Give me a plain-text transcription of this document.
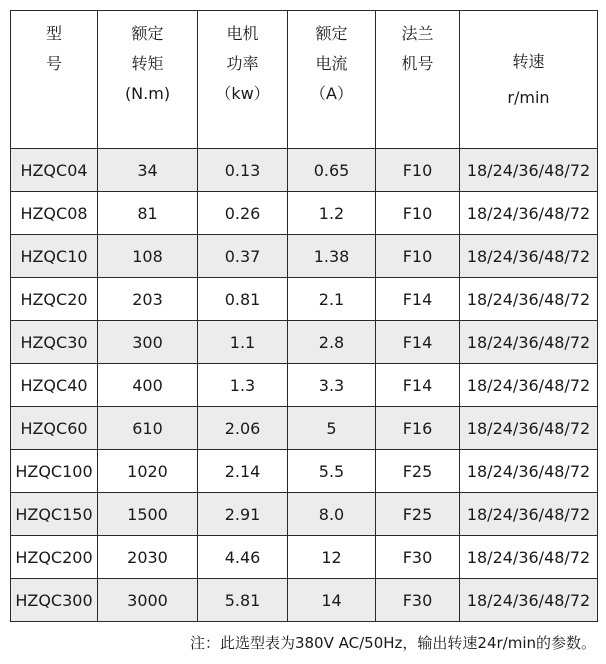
型
号	额定
转矩
(N.m)	电机
功率
（kw）	额定
电流
（A）	法兰
机号	转速
r/min

HZQC04	34	0.13	0.65	F10	18/24/36/48/72
HZQC08	81	0.26	1.2	F10	18/24/36/48/72
HZQC10	108	0.37	1.38	F10	18/24/36/48/72
HZQC20	203	0.81	2.1	F14	18/24/36/48/72
HZQC30	300	1.1	2.8	F14	18/24/36/48/72
HZQC40	400	1.3	3.3	F14	18/24/36/48/72
HZQC60	610	2.06	5	F16	18/24/36/48/72
HZQC100	1020	2.14	5.5	F25	18/24/36/48/72
HZQC150	1500	2.91	8.0	F25	18/24/36/48/72
HZQC200	2030	4.46	12	F30	18/24/36/48/72
HZQC300	3000	5.81	14	F30	18/24/36/48/72
注：此选型表为380V AC/50Hz，输出转速24r/min的参数。
